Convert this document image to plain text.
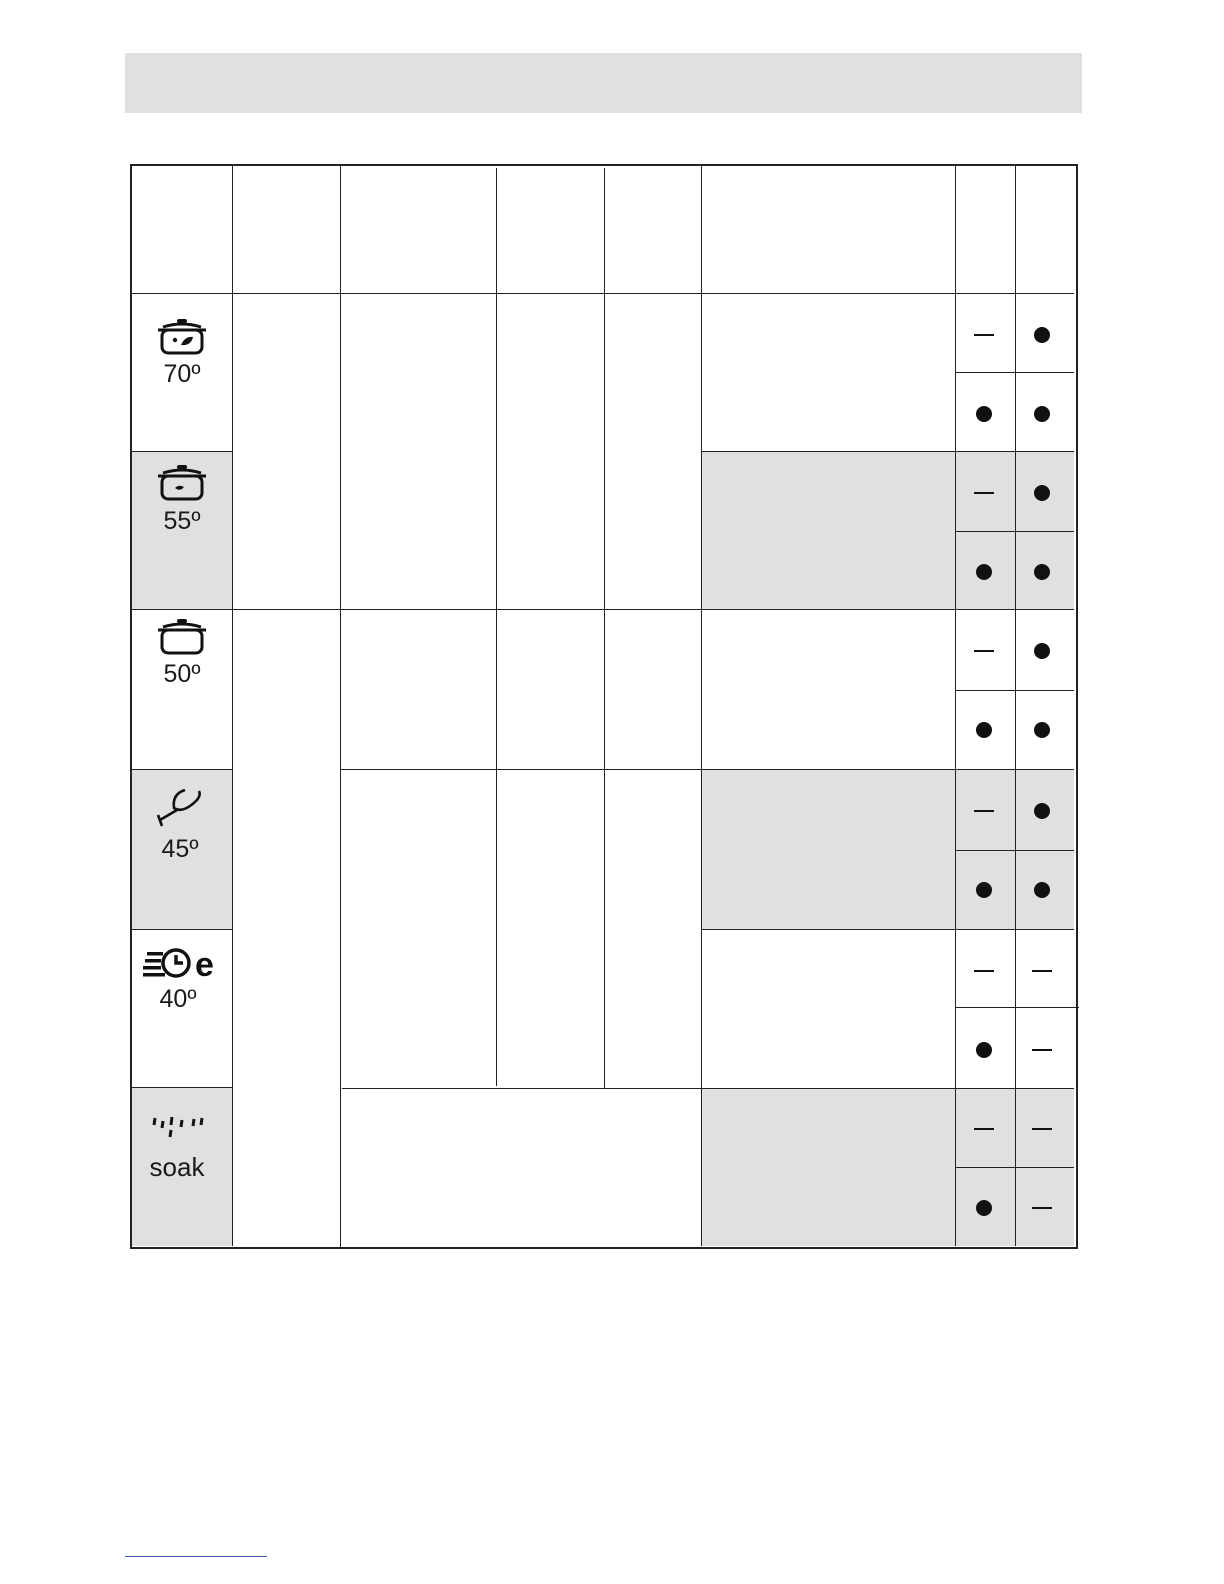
70º
55º
50º
45º
e
40º
soak
